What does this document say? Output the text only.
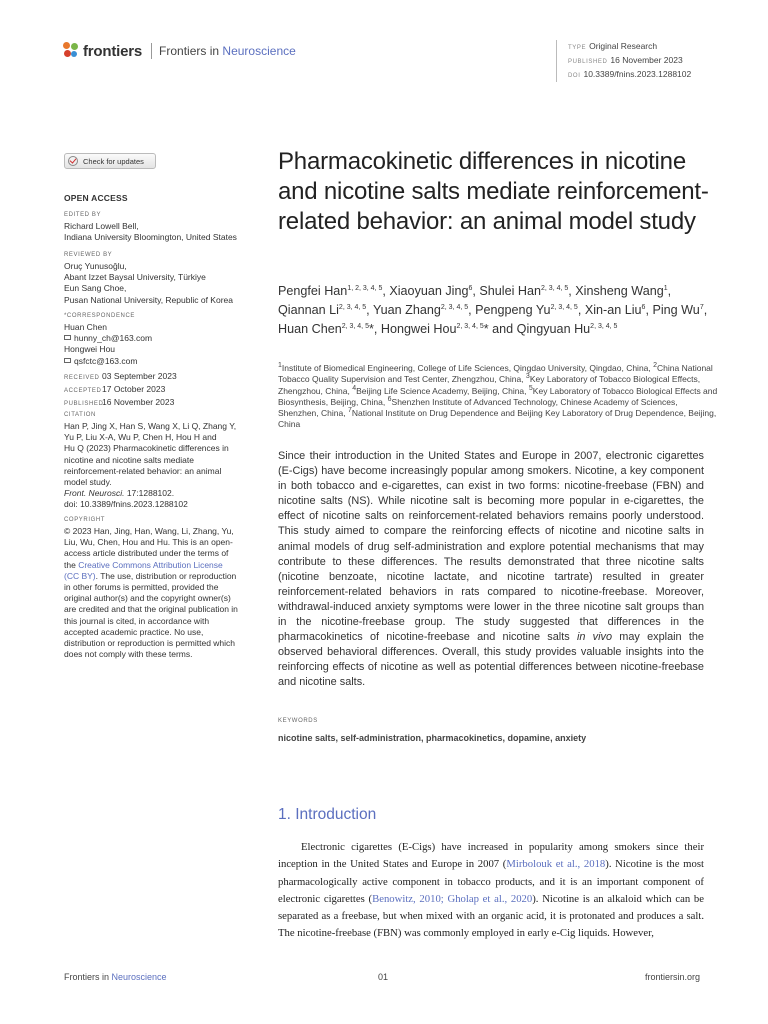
frontiers Frontiers in Neuroscience	TYPE Original Research
PUBLISHED 16 November 2023
DOI 10.3389/fnins.2023.1288102
Check for updates
OPEN ACCESS
EDITED BY
Richard Lowell Bell,
Indiana University Bloomington, United States
REVIEWED BY
Oruç Yunusoğlu,
Abant Izzet Baysal University, Türkiye
Eun Sang Choe,
Pusan National University, Republic of Korea
*CORRESPONDENCE
Huan Chen
hunny_ch@163.com
Hongwei Hou
qsfctc@163.com
RECEIVED 03 September 2023
ACCEPTED17 October 2023
PUBLISHED16 November 2023
CITATION
Han P, Jing X, Han S, Wang X, Li Q, Zhang Y,
Yu P, Liu X-A, Wu P, Chen H, Hou H and
Hu Q (2023) Pharmacokinetic differences in
nicotine and nicotine salts mediate
reinforcement-related behavior: an animal
model study.
Front. Neurosci. 17:1288102.
doi: 10.3389/fnins.2023.1288102
COPYRIGHT
© 2023 Han, Jing, Han, Wang, Li, Zhang, Yu,
Liu, Wu, Chen, Hou and Hu. This is an open-
access article distributed under the terms of
the Creative Commons Attribution License
(CC BY). The use, distribution or reproduction
in other forums is permitted, provided the
original author(s) and the copyright owner(s)
are credited and that the original publication in
this journal is cited, in accordance with
accepted academic practice. No use,
distribution or reproduction is permitted which
does not comply with these terms.
Pharmacokinetic differences in nicotine and nicotine salts mediate reinforcement-related behavior: an animal model study
Pengfei Han$^{1, 2, 3, 4, 5}$, Xiaoyuan Jing$^6$, Shulei Han$^{2, 3, 4, 5}$, Xinsheng Wang$^1$, Qiannan Li$^{2, 3, 4, 5}$, Yuan Zhang$^{2, 3, 4, 5}$, Pengpeng Yu$^{2, 3, 4, 5}$, Xin-an Liu$^6$, Ping Wu$^7$, Huan Chen$^{2, 3, 4, 5}$*, Hongwei Hou$^{2, 3, 4, 5}$* and Qingyuan Hu$^{2, 3, 4, 5}$
$^1$Institute of Biomedical Engineering, College of Life Sciences, Qingdao University, Qingdao, China, $^2$China National Tobacco Quality Supervision and Test Center, Zhengzhou, China, $^3$Key Laboratory of Tobacco Biological Effects, Zhengzhou, China, $^4$Beijing Life Science Academy, Beijing, China, $^5$Key Laboratory of Tobacco Biological Effects and Biosynthesis, Beijing, China, $^6$Shenzhen Institute of Advanced Technology, Chinese Academy of Sciences, Shenzhen, China, $^7$National Institute on Drug Dependence and Beijing Key Laboratory of Drug Dependence, Beijing, China
Since their introduction in the United States and Europe in 2007, electronic cigarettes (E-Cigs) have become increasingly popular among smokers. Nicotine, a key component in both tobacco and e-cigarettes, can exist in two forms: nicotine-freebase (FBN) and nicotine salts (NS). While nicotine salt is becoming more popular in e-cigarettes, the effect of nicotine salts on reinforcement-related behaviors remains poorly understood. This study aimed to compare the reinforcing effects of nicotine and nicotine salts in animal models of drug self-administration and explore potential mechanisms that may contribute to these differences. The results demonstrated that three nicotine salts (nicotine benzoate, nicotine lactate, and nicotine tartrate) resulted in greater reinforcement-related behaviors in rats compared to nicotine-freebase. Moreover, withdrawal-induced anxiety symptoms were lower in the three nicotine salt groups than in the nicotine-freebase group. The study suggested that differences in the pharmacokinetics of nicotine-freebase and nicotine salts in vivo may explain the observed behavioral differences. Overall, this study provides valuable insights into the reinforcing effects of nicotine as well as potential differences between nicotine-freebase and nicotine salts.
KEYWORDS
nicotine salts, self-administration, pharmacokinetics, dopamine, anxiety
1. Introduction
Electronic cigarettes (E-Cigs) have increased in popularity among smokers since their inception in the United States and Europe in 2007 (Mirbolouk et al., 2018). Nicotine is the most pharmacologically active component in tobacco products, and it is an important component of electronic cigarettes (Benowitz, 2010; Gholap et al., 2020). Nicotine is an alkaloid which can be separated as a freebase, but when mixed with an organic acid, it is protonated and produces a salt. The nicotine-freebase (FBN) was commonly employed in early e-Cig liquids. However,
Frontiers in Neuroscience	01	frontiersin.org
